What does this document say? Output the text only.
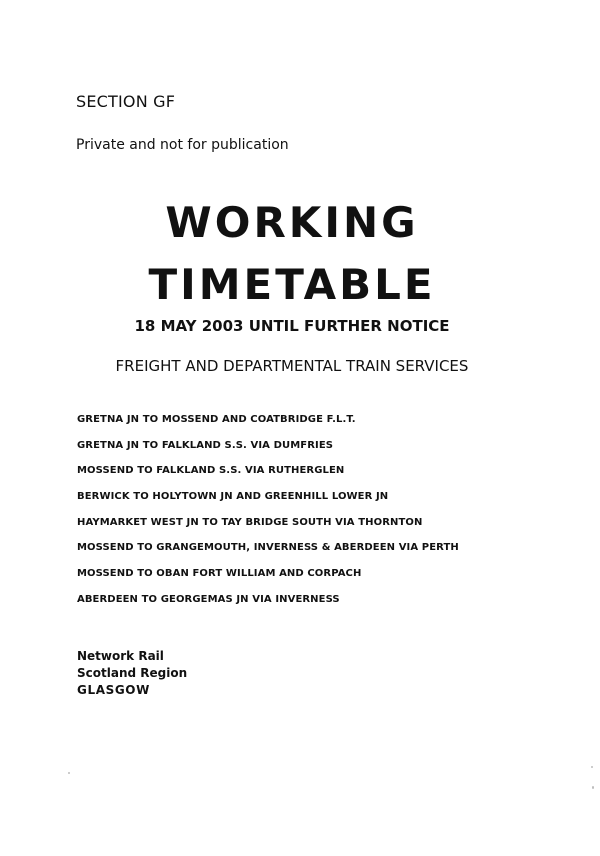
SECTION GF
Private and not for publication
WORKING
TIMETABLE
18 MAY 2003 UNTIL FURTHER NOTICE
FREIGHT AND DEPARTMENTAL TRAIN SERVICES
GRETNA JN TO MOSSEND AND COATBRIDGE F.L.T.
GRETNA JN TO FALKLAND S.S. VIA DUMFRIES
MOSSEND TO FALKLAND S.S. VIA RUTHERGLEN
BERWICK TO HOLYTOWN JN AND GREENHILL LOWER JN
HAYMARKET WEST JN TO TAY BRIDGE SOUTH VIA THORNTON
MOSSEND TO GRANGEMOUTH, INVERNESS & ABERDEEN VIA PERTH
MOSSEND TO OBAN FORT WILLIAM AND CORPACH
ABERDEEN TO GEORGEMAS JN VIA INVERNESS
Network Rail
Scotland Region
GLASGOW
